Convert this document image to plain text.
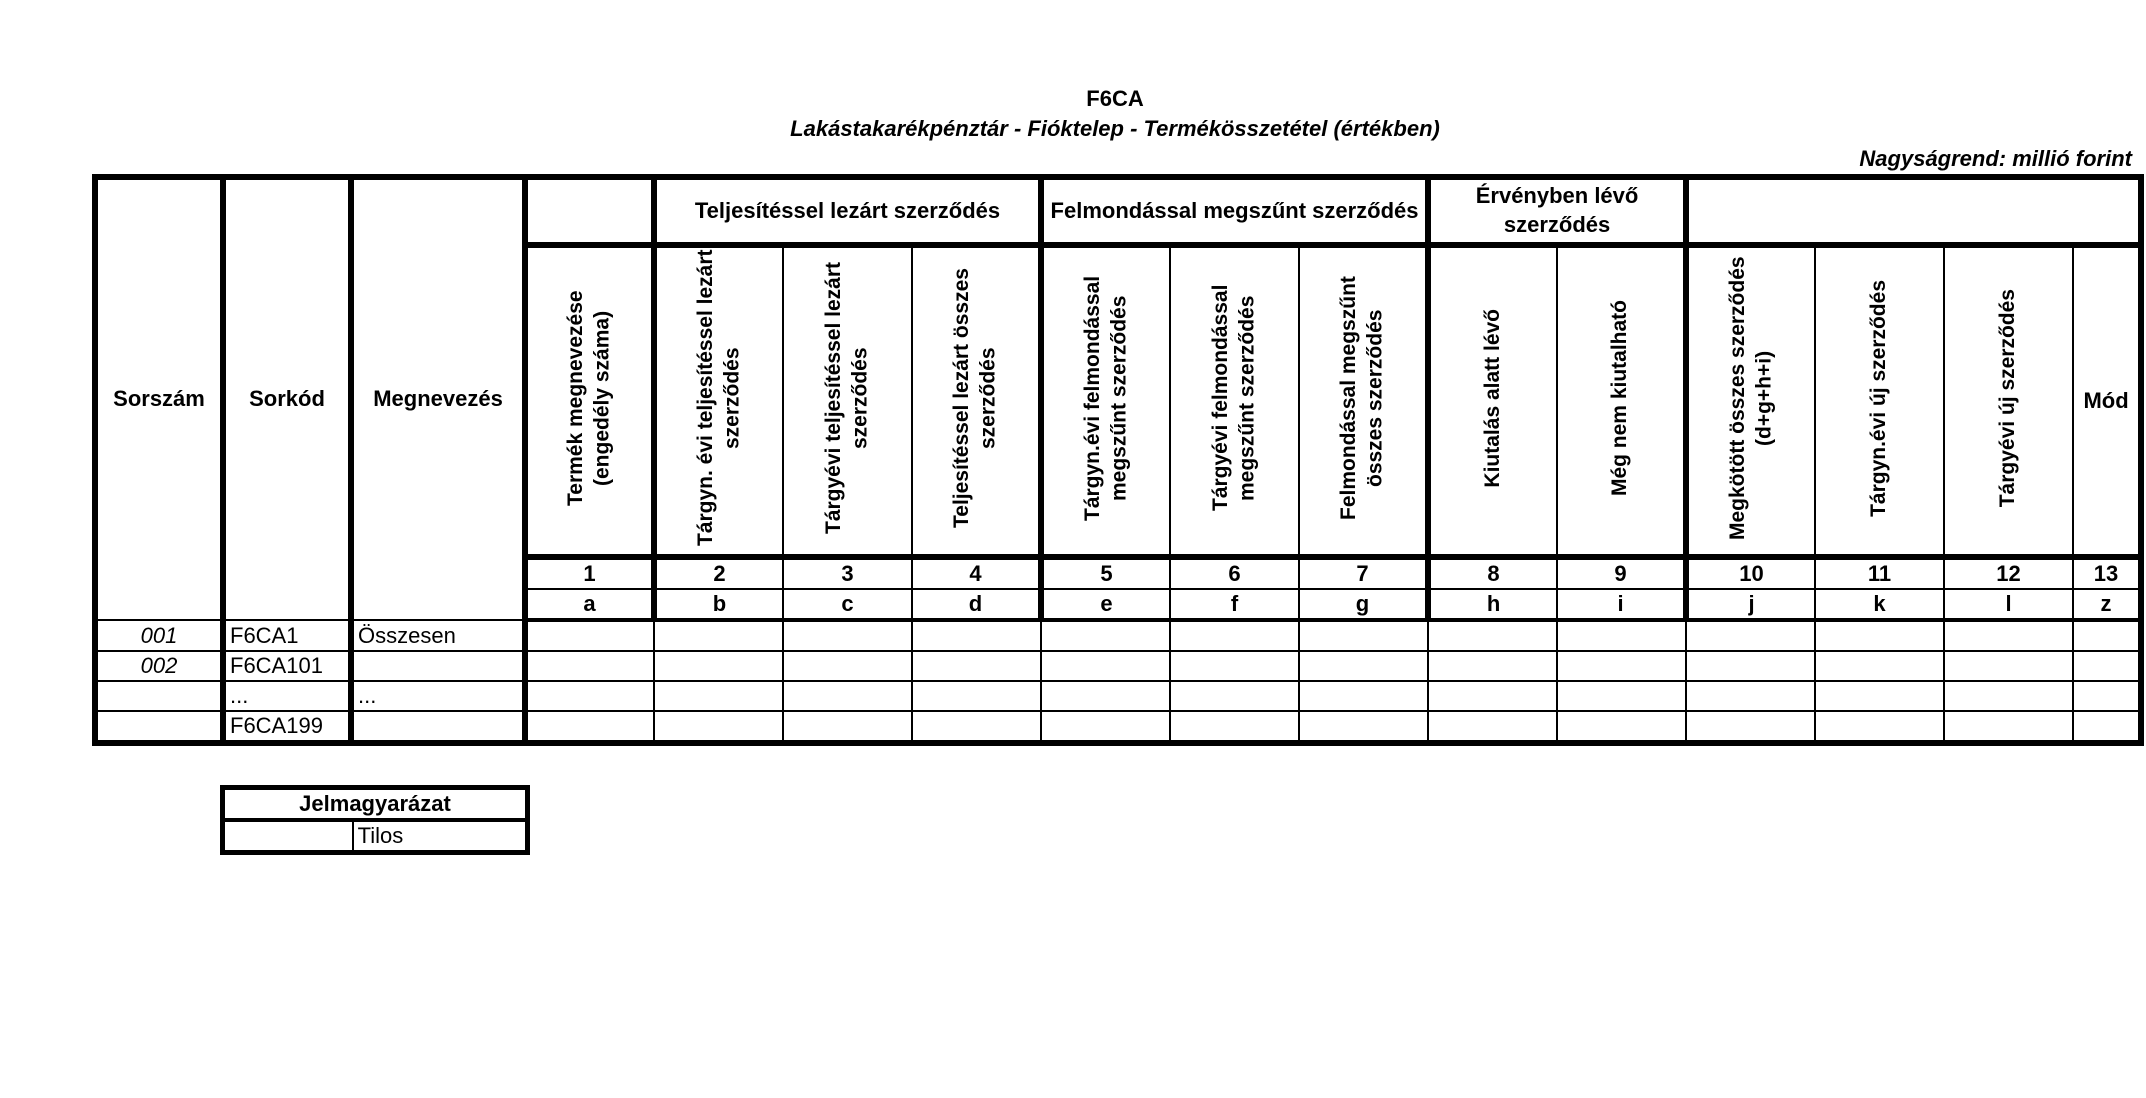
F6CA
Lakástakarékpénztár - Fióktelep - Termékösszetétel (értékben)
Nagyságrend: millió forint
Sorszám	Sorkód	Megnevezés		Teljesítéssel lezárt szerződés			Felmondással megszűnt szerződés			Érvényben lévő szerződés					
			Termék megnevezése (engedély száma)	Tárgyn. évi teljesítéssel lezárt szerződés	Tárgyévi teljesítéssel lezárt szerződés	Teljesítéssel lezárt összes szerződés	Tárgyn.évi felmondással megszűnt szerződés	Tárgyévi felmondással megszűnt szerződés	Felmondással megszűnt összes szerződés	Kiutalás alatt lévő	Még nem kiutalható	Megkötött összes szerződés (d+g+h+i)	Tárgyn.évi új szerződés	Tárgyévi új szerződés	Mód
			1	2	3	4	5	6	7	8	9	10	11	12	13
			a	b	c	d	e	f	g	h	i	j	k	l	z
001	F6CA1	Összesen													
002	F6CA101														
	...	...													
	F6CA199														
Jelmagyarázat
	Tilos
